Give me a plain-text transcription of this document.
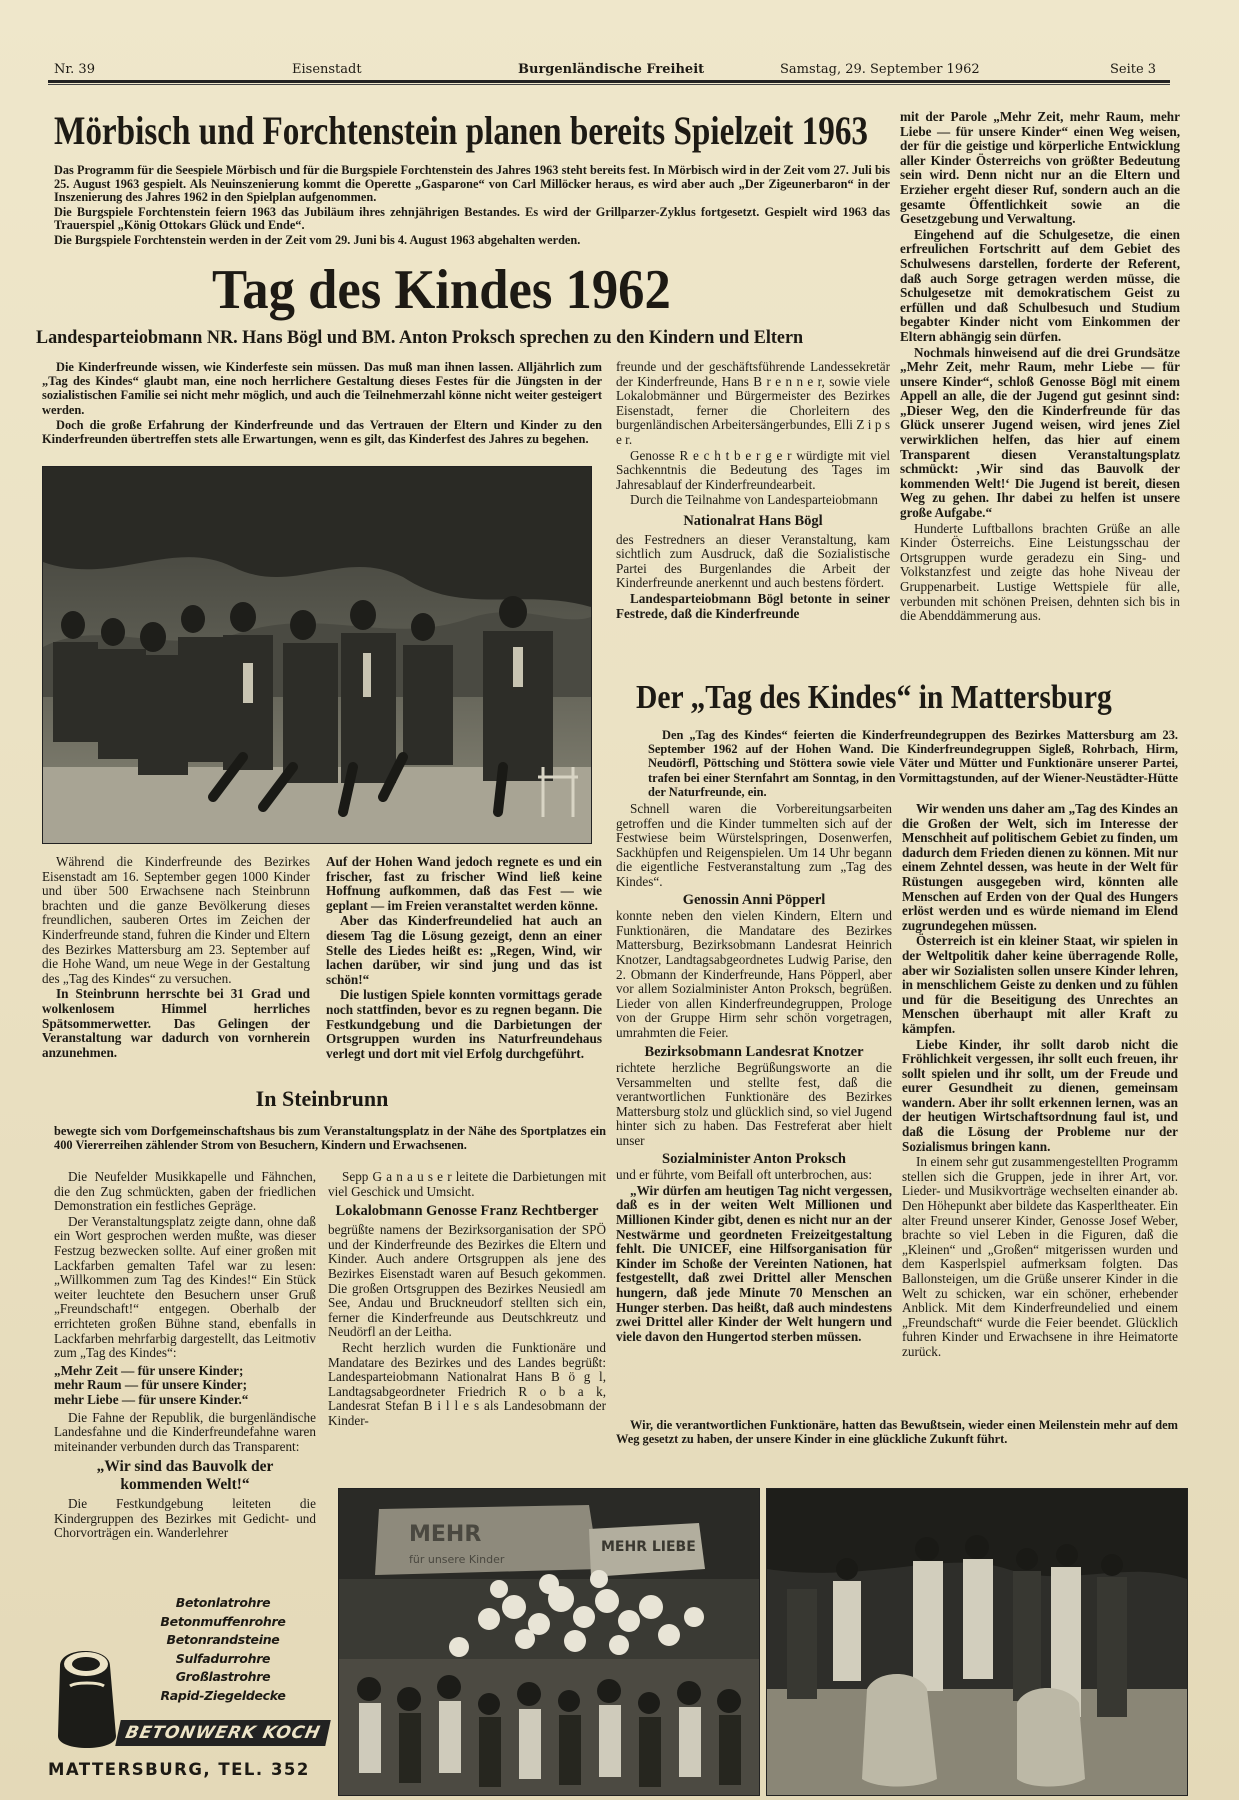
Nr. 39	Eisenstadt	Burgenländische Freiheit	Samstag, 29. September 1962	Seite 3
Mörbisch und Forchtenstein planen bereits Spielzeit 1963

Das Programm für die Seespiele Mörbisch und für die Burgspiele Forchtenstein des Jahres 1963 steht bereits fest. In Mörbisch wird in der Zeit vom 27. Juli bis 25. August 1963 gespielt. Als Neuinszenierung kommt die Operette „Gasparone“ von Carl Millöcker heraus, es wird aber auch „Der Zigeunerbaron“ in der Inszenierung des Jahres 1962 in den Spielplan aufgenommen.

Die Burgspiele Forchtenstein feiern 1963 das Jubiläum ihres zehnjährigen Bestandes. Es wird der Grillparzer-Zyklus fortgesetzt. Gespielt wird 1963 das Trauerspiel „König Ottokars Glück und Ende“.

Die Burgspiele Forchtenstein werden in der Zeit vom 29. Juni bis 4. August 1963 abgehalten werden.

Tag des Kindes 1962
Landesparteiobmann NR. Hans Bögl und BM. Anton Proksch sprechen zu den Kindern und Eltern

Die Kinderfreunde wissen, wie Kinderfeste sein müssen. Das muß man ihnen lassen. Alljährlich zum „Tag des Kindes“ glaubt man, eine noch herrlichere Gestaltung dieses Festes für die Jüngsten in der sozialistischen Familie sei nicht mehr möglich, und auch die Teilnehmerzahl könne nicht weiter gesteigert werden.

Doch die große Erfahrung der Kinderfreunde und das Vertrauen der Eltern und Kinder zu den Kinderfreunden übertreffen stets alle Erwartungen, wenn es gilt, das Kinderfest des Jahres zu begehen.

freunde und der geschäftsführende Landessekretär der Kinderfreunde, Hans B r e n n e r, sowie viele Lokalobmänner und Bürgermeister des Bezirkes Eisenstadt, ferner die Chorleitern des burgenländischen Arbeitersängerbundes, Elli Z i p s e r.

Genosse R e c h t b e r g e r würdigte mit viel Sachkenntnis die Bedeutung des Tages im Jahresablauf der Kinderfreundearbeit.

Durch die Teilnahme von Landesparteiobmann

Nationalrat Hans Bögl

des Festredners an dieser Veranstaltung, kam sichtlich zum Ausdruck, daß die Sozialistische Partei des Burgenlandes die Arbeit der Kinderfreunde anerkennt und auch bestens fördert.

Landesparteiobmann Bögl betonte in seiner Festrede, daß die Kinderfreunde

mit der Parole „Mehr Zeit, mehr Raum, mehr Liebe — für unsere Kinder“ einen Weg weisen, der für die geistige und körperliche Entwicklung aller Kinder Österreichs von größter Bedeutung sein wird. Denn nicht nur an die Eltern und Erzieher ergeht dieser Ruf, sondern auch an die gesamte Öffentlichkeit sowie an die Gesetzgebung und Verwaltung.

Eingehend auf die Schulgesetze, die einen erfreulichen Fortschritt auf dem Gebiet des Schulwesens darstellen, forderte der Referent, daß auch Sorge getragen werden müsse, die Schulgesetze mit demokratischem Geist zu erfüllen und daß Schulbesuch und Studium begabter Kinder nicht vom Einkommen der Eltern abhängig sein dürfen.

Nochmals hinweisend auf die drei Grundsätze „Mehr Zeit, mehr Raum, mehr Liebe — für unsere Kinder“, schloß Genosse Bögl mit einem Appell an alle, die der Jugend gut gesinnt sind: „Dieser Weg, den die Kinderfreunde für das Glück unserer Jugend weisen, wird jenes Ziel verwirklichen helfen, das hier auf einem Transparent diesen Veranstaltungsplatz schmückt: ‚Wir sind das Bauvolk der kommenden Welt!‘ Die Jugend ist bereit, diesen Weg zu gehen. Ihr dabei zu helfen ist unsere große Aufgabe.“

Hunderte Luftballons brachten Grüße an alle Kinder Österreichs. Eine Leistungsschau der Ortsgruppen wurde geradezu ein Sing- und Volkstanzfest und zeigte das hohe Niveau der Gruppenarbeit. Lustige Wettspiele für alle, verbunden mit schönen Preisen, dehnten sich bis in die Abenddämmerung aus.

Während die Kinderfreunde des Bezirkes Eisenstadt am 16. September gegen 1000 Kinder und über 500 Erwachsene nach Steinbrunn brachten und die ganze Bevölkerung dieses freundlichen, sauberen Ortes im Zeichen der Kinderfreunde stand, fuhren die Kinder und Eltern des Bezirkes Mattersburg am 23. September auf die Hohe Wand, um neue Wege in der Gestaltung des „Tag des Kindes“ zu versuchen.

In Steinbrunn herrschte bei 31 Grad und wolkenlosem Himmel herrliches Spätsommerwetter. Das Gelingen der Veranstaltung war dadurch von vornherein anzunehmen.

Auf der Hohen Wand jedoch regnete es und ein frischer, fast zu frischer Wind ließ keine Hoffnung aufkommen, daß das Fest — wie geplant — im Freien veranstaltet werden könne.

Aber das Kinderfreundelied hat auch an diesem Tag die Lösung gezeigt, denn an einer Stelle des Liedes heißt es: „Regen, Wind, wir lachen darüber, wir sind jung und das ist schön!“

Die lustigen Spiele konnten vormittags gerade noch stattfinden, bevor es zu regnen begann. Die Festkundgebung und die Darbietungen der Ortsgruppen wurden ins Naturfreundehaus verlegt und dort mit viel Erfolg durchgeführt.

In Steinbrunn
bewegte sich vom Dorfgemeinschaftshaus bis zum Veranstaltungsplatz in der Nähe des Sportplatzes ein 400 Viererreihen zählender Strom von Besuchern, Kindern und Erwachsenen.

Die Neufelder Musikkapelle und Fähnchen, die den Zug schmückten, gaben der friedlichen Demonstration ein festliches Gepräge.

Der Veranstaltungsplatz zeigte dann, ohne daß ein Wort gesprochen werden mußte, was dieser Festzug bezwecken sollte. Auf einer großen mit Lackfarben gemalten Tafel war zu lesen: „Willkommen zum Tag des Kindes!“ Ein Stück weiter leuchtete den Besuchern unser Gruß „Freundschaft!“ entgegen. Oberhalb der errichteten großen Bühne stand, ebenfalls in Lackfarben mehrfarbig dargestellt, das Leitmotiv zum „Tag des Kindes“:

„Mehr Zeit — für unsere Kinder;
mehr Raum — für unsere Kinder;
mehr Liebe — für unsere Kinder.“

Die Fahne der Republik, die burgenländische Landesfahne und die Kinderfreundefahne waren miteinander verbunden durch das Transparent:

„Wir sind das Bauvolk der kommenden Welt!“

Die Festkundgebung leiteten die Kindergruppen des Bezirkes mit Gedicht- und Chorvorträgen ein. Wanderlehrer

Sepp G a n a u s e r leitete die Darbietungen mit viel Geschick und Umsicht.

Lokalobmann Genosse Franz Rechtberger

begrüßte namens der Bezirksorganisation der SPÖ und der Kinderfreunde des Bezirkes die Eltern und Kinder. Auch andere Ortsgruppen als jene des Bezirkes Eisenstadt waren auf Besuch gekommen. Die großen Ortsgruppen des Bezirkes Neusiedl am See, Andau und Bruckneudorf stellten sich ein, ferner die Kinderfreunde aus Deutschkreutz und Neudörfl an der Leitha.

Recht herzlich wurden die Funktionäre und Mandatare des Bezirkes und des Landes begrüßt: Landesparteiobmann Nationalrat Hans B ö g l, Landtagsabgeordneter Friedrich R o b a k, Landesrat Stefan B i l l e s als Landesobmann der Kinder-

Der „Tag des Kindes“ in Mattersburg

Den „Tag des Kindes“ feierten die Kinderfreundegruppen des Bezirkes Mattersburg am 23. September 1962 auf der Hohen Wand. Die Kinderfreundegruppen Sigleß, Rohrbach, Hirm, Neudörfl, Pöttsching und Stöttera sowie viele Väter und Mütter und Funktionäre unserer Partei, trafen bei einer Sternfahrt am Sonntag, in den Vormittagstunden, auf der Wiener-Neustädter-Hütte der Naturfreunde, ein.

Schnell waren die Vorbereitungsarbeiten getroffen und die Kinder tummelten sich auf der Festwiese beim Würstelspringen, Dosenwerfen, Sackhüpfen und Reigenspielen. Um 14 Uhr begann die eigentliche Festveranstaltung zum „Tag des Kindes“.

Genossin Anni Pöpperl

konnte neben den vielen Kindern, Eltern und Funktionären, die Mandatare des Bezirkes Mattersburg, Bezirksobmann Landesrat Heinrich Knotzer, Landtagsabgeordnetes Ludwig Parise, den 2. Obmann der Kinderfreunde, Hans Pöpperl, aber vor allem Sozialminister Anton Proksch, begrüßen. Lieder von allen Kinderfreundegruppen, Prologe von der Gruppe Hirm sehr schön vorgetragen, umrahmten die Feier.

Bezirksobmann Landesrat Knotzer

richtete herzliche Begrüßungsworte an die Versammelten und stellte fest, daß die verantwortlichen Funktionäre des Bezirkes Mattersburg stolz und glücklich sind, so viel Jugend hinter sich zu haben. Das Festreferat aber hielt unser

Sozialminister Anton Proksch

und er führte, vom Beifall oft unterbrochen, aus:

„Wir dürfen am heutigen Tag nicht vergessen, daß es in der weiten Welt Millionen und Millionen Kinder gibt, denen es nicht nur an der Nestwärme und geordneten Freizeitgestaltung fehlt. Die UNICEF, eine Hilfsorganisation für Kinder im Schoße der Vereinten Nationen, hat festgestellt, daß zwei Drittel aller Menschen hungern, daß jede Minute 70 Menschen an Hunger sterben. Das heißt, daß auch mindestens zwei Drittel aller Kinder der Welt hungern und viele davon den Hungertod sterben müssen.

Wir wenden uns daher am „Tag des Kindes an die Großen der Welt, sich im Interesse der Menschheit auf politischem Gebiet zu finden, um dadurch dem Frieden dienen zu können. Mit nur einem Zehntel dessen, was heute in der Welt für Rüstungen ausgegeben wird, könnten alle Menschen auf Erden von der Qual des Hungers erlöst werden und es würde niemand im Elend zugrundegehen müssen.

Österreich ist ein kleiner Staat, wir spielen in der Weltpolitik daher keine überragende Rolle, aber wir Sozialisten sollen unsere Kinder lehren, in menschlichem Geiste zu denken und zu fühlen und für die Beseitigung des Unrechtes an Menschen überhaupt mit aller Kraft zu kämpfen.

Liebe Kinder, ihr sollt darob nicht die Fröhlichkeit vergessen, ihr sollt euch freuen, ihr sollt spielen und ihr sollt, um der Freude und eurer Gesundheit zu dienen, gemeinsam wandern. Aber ihr sollt erkennen lernen, was an der heutigen Wirtschaftsordnung faul ist, und daß die Lösung der Probleme nur der Sozialismus bringen kann.

In einem sehr gut zusammengestellten Programm stellen sich die Gruppen, jede in ihrer Art, vor. Lieder- und Musikvorträge wechselten einander ab. Den Höhepunkt aber bildete das Kasperltheater. Ein alter Freund unserer Kinder, Genosse Josef Weber, brachte so viel Leben in die Figuren, daß die „Kleinen“ und „Großen“ mitgerissen wurden und dem Kasperlspiel aufmerksam folgten. Das Ballonsteigen, um die Grüße unserer Kinder in die Welt zu schicken, war ein schöner, erhebender Anblick. Mit dem Kinderfreundelied und einem „Freundschaft“ wurde die Feier beendet. Glücklich fuhren Kinder und Erwachsene in ihre Heimatorte zurück.

Wir, die verantwortlichen Funktionäre, hatten das Bewußtsein, wieder einen Meilenstein mehr auf dem Weg gesetzt zu haben, der unsere Kinder in eine glückliche Zukunft führt.

MEHR
für unsere Kinder
MEHR LIEBE
Betonlatrohre
Betonmuffenrohre
Betonrandsteine
Sulfadurrohre
Großlastrohre
Rapid-Ziegeldecke
BETONWERK KOCH
MATTERSBURG, TEL. 352
